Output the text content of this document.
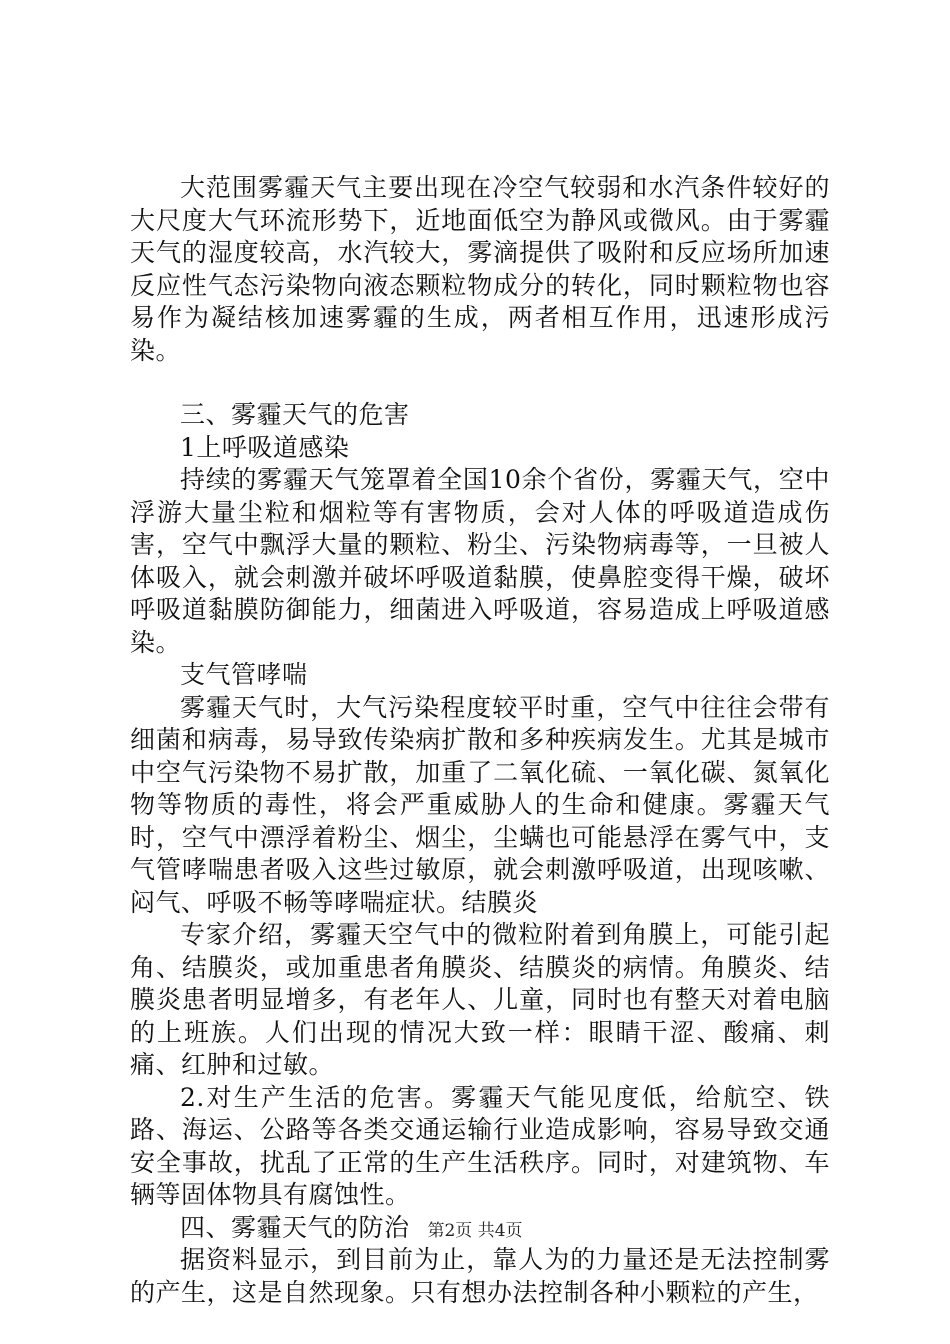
大范围雾霾天气主要出现在冷空气较弱和水汽条件较好的大尺度大气环流形势下，近地面低空为静风或微风。由于雾霾天气的湿度较高，水汽较大，雾滴提供了吸附和反应场所加速反应性气态污染物向液态颗粒物成分的转化，同时颗粒物也容易作为凝结核加速雾霾的生成，两者相互作用，迅速形成污染。

三、雾霾天气的危害

1上呼吸道感染

持续的雾霾天气笼罩着全国10余个省份，雾霾天气，空中浮游大量尘粒和烟粒等有害物质，会对人体的呼吸道造成伤害，空气中飘浮大量的颗粒、粉尘、污染物病毒等，一旦被人体吸入，就会刺激并破坏呼吸道黏膜，使鼻腔变得干燥，破坏呼吸道黏膜防御能力，细菌进入呼吸道，容易造成上呼吸道感染。

支气管哮喘

雾霾天气时，大气污染程度较平时重，空气中往往会带有细菌和病毒，易导致传染病扩散和多种疾病发生。尤其是城市中空气污染物不易扩散，加重了二氧化硫、一氧化碳、氮氧化物等物质的毒性，将会严重威胁人的生命和健康。雾霾天气时，空气中漂浮着粉尘、烟尘，尘螨也可能悬浮在雾气中，支气管哮喘患者吸入这些过敏原，就会刺激呼吸道，出现咳嗽、闷气、呼吸不畅等哮喘症状。结膜炎

专家介绍，雾霾天空气中的微粒附着到角膜上，可能引起角、结膜炎，或加重患者角膜炎、结膜炎的病情。角膜炎、结膜炎患者明显增多，有老年人、儿童，同时也有整天对着电脑的上班族。人们出现的情况大致一样：眼睛干涩、酸痛、刺痛、红肿和过敏。

2.对生产生活的危害。雾霾天气能见度低，给航空、铁路、海运、公路等各类交通运输行业造成影响，容易导致交通安全事故，扰乱了正常的生产生活秩序。同时，对建筑物、车辆等固体物具有腐蚀性。

四、雾霾天气的防治

据资料显示，到目前为止，靠人为的力量还是无法控制雾的产生，这是自然现象。只有想办法控制各种小颗粒的产生，

第2页 共4页
